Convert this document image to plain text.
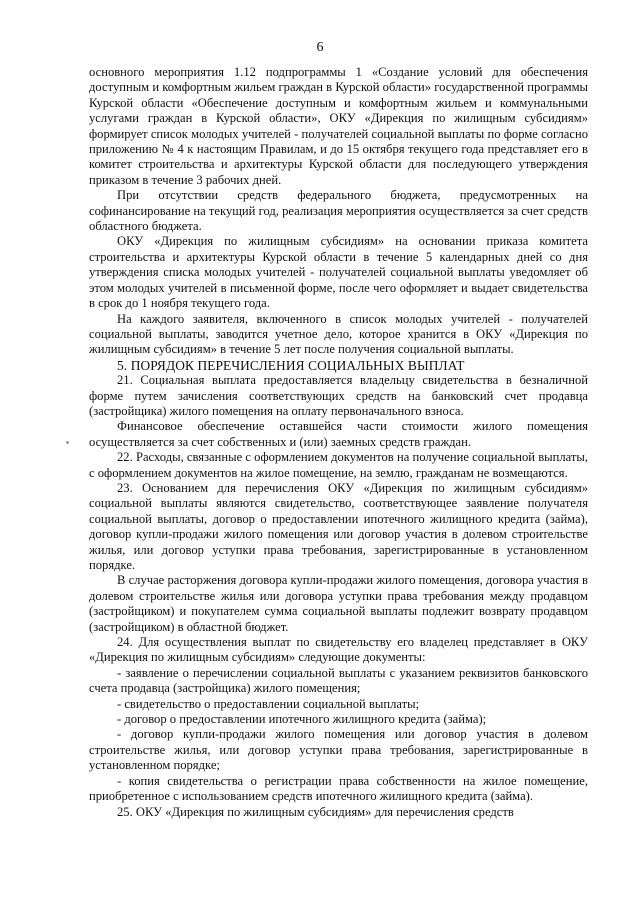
6

основного мероприятия 1.12 подпрограммы 1 «Создание условий для обеспечения доступным и комфортным жильем граждан в Курской области» государственной программы Курской области «Обеспечение доступным и комфортным жильем и коммунальными услугами граждан в Курской области», ОКУ «Дирекция по жилищным субсидиям» формирует список молодых учителей - получателей социальной выплаты по форме согласно приложению № 4 к настоящим Правилам, и до 15 октября текущего года представляет его в комитет строительства и архитектуры Курской области для последующего утверждения приказом в течение 3 рабочих дней.

При отсутствии средств федерального бюджета, предусмотренных на софинансирование на текущий год, реализация мероприятия осуществляется за счет средств областного бюджета.

ОКУ «Дирекция по жилищным субсидиям» на основании приказа комитета строительства и архитектуры Курской области в течение 5 календарных дней со дня утверждения списка молодых учителей - получателей социальной выплаты уведомляет об этом молодых учителей в письменной форме, после чего оформляет и выдает свидетельства в срок до 1 ноября текущего года.

На каждого заявителя, включенного в список молодых учителей - получателей социальной выплаты, заводится учетное дело, которое хранится в ОКУ «Дирекция по жилищным субсидиям» в течение 5 лет после получения социальной выплаты.

5. ПОРЯДОК ПЕРЕЧИСЛЕНИЯ СОЦИАЛЬНЫХ ВЫПЛАТ

21. Социальная выплата предоставляется владельцу свидетельства в безналичной форме путем зачисления соответствующих средств на банковский счет продавца (застройщика) жилого помещения на оплату первоначального взноса.

Финансовое обеспечение оставшейся части стоимости жилого помещения осуществляется за счет собственных и (или) заемных средств граждан.

22. Расходы, связанные с оформлением документов на получение социальной выплаты, с оформлением документов на жилое помещение, на землю, гражданам не возмещаются.

23. Основанием для перечисления ОКУ «Дирекция по жилищным субсидиям» социальной выплаты являются свидетельство, соответствующее заявление получателя социальной выплаты, договор о предоставлении ипотечного жилищного кредита (займа), договор купли-продажи жилого помещения или договор участия в долевом строительстве жилья, или договор уступки права требования, зарегистрированные в установленном порядке.

В случае расторжения договора купли-продажи жилого помещения, договора участия в долевом строительстве жилья или договора уступки права требования между продавцом (застройщиком) и покупателем сумма социальной выплаты подлежит возврату продавцом (застройщиком) в областной бюджет.

24. Для осуществления выплат по свидетельству его владелец представляет в ОКУ «Дирекция по жилищным субсидиям» следующие документы:

- заявление о перечислении социальной выплаты с указанием реквизитов банковского счета продавца (застройщика) жилого помещения;

- свидетельство о предоставлении социальной выплаты;

- договор о предоставлении ипотечного жилищного кредита (займа);

- договор купли-продажи жилого помещения или договор участия в долевом строительстве жилья, или договор уступки права требования, зарегистрированные в установленном порядке;

- копия свидетельства о регистрации права собственности на жилое помещение, приобретенное с использованием средств ипотечного жилищного кредита (займа).

25. ОКУ «Дирекция по жилищным субсидиям» для перечисления средств
